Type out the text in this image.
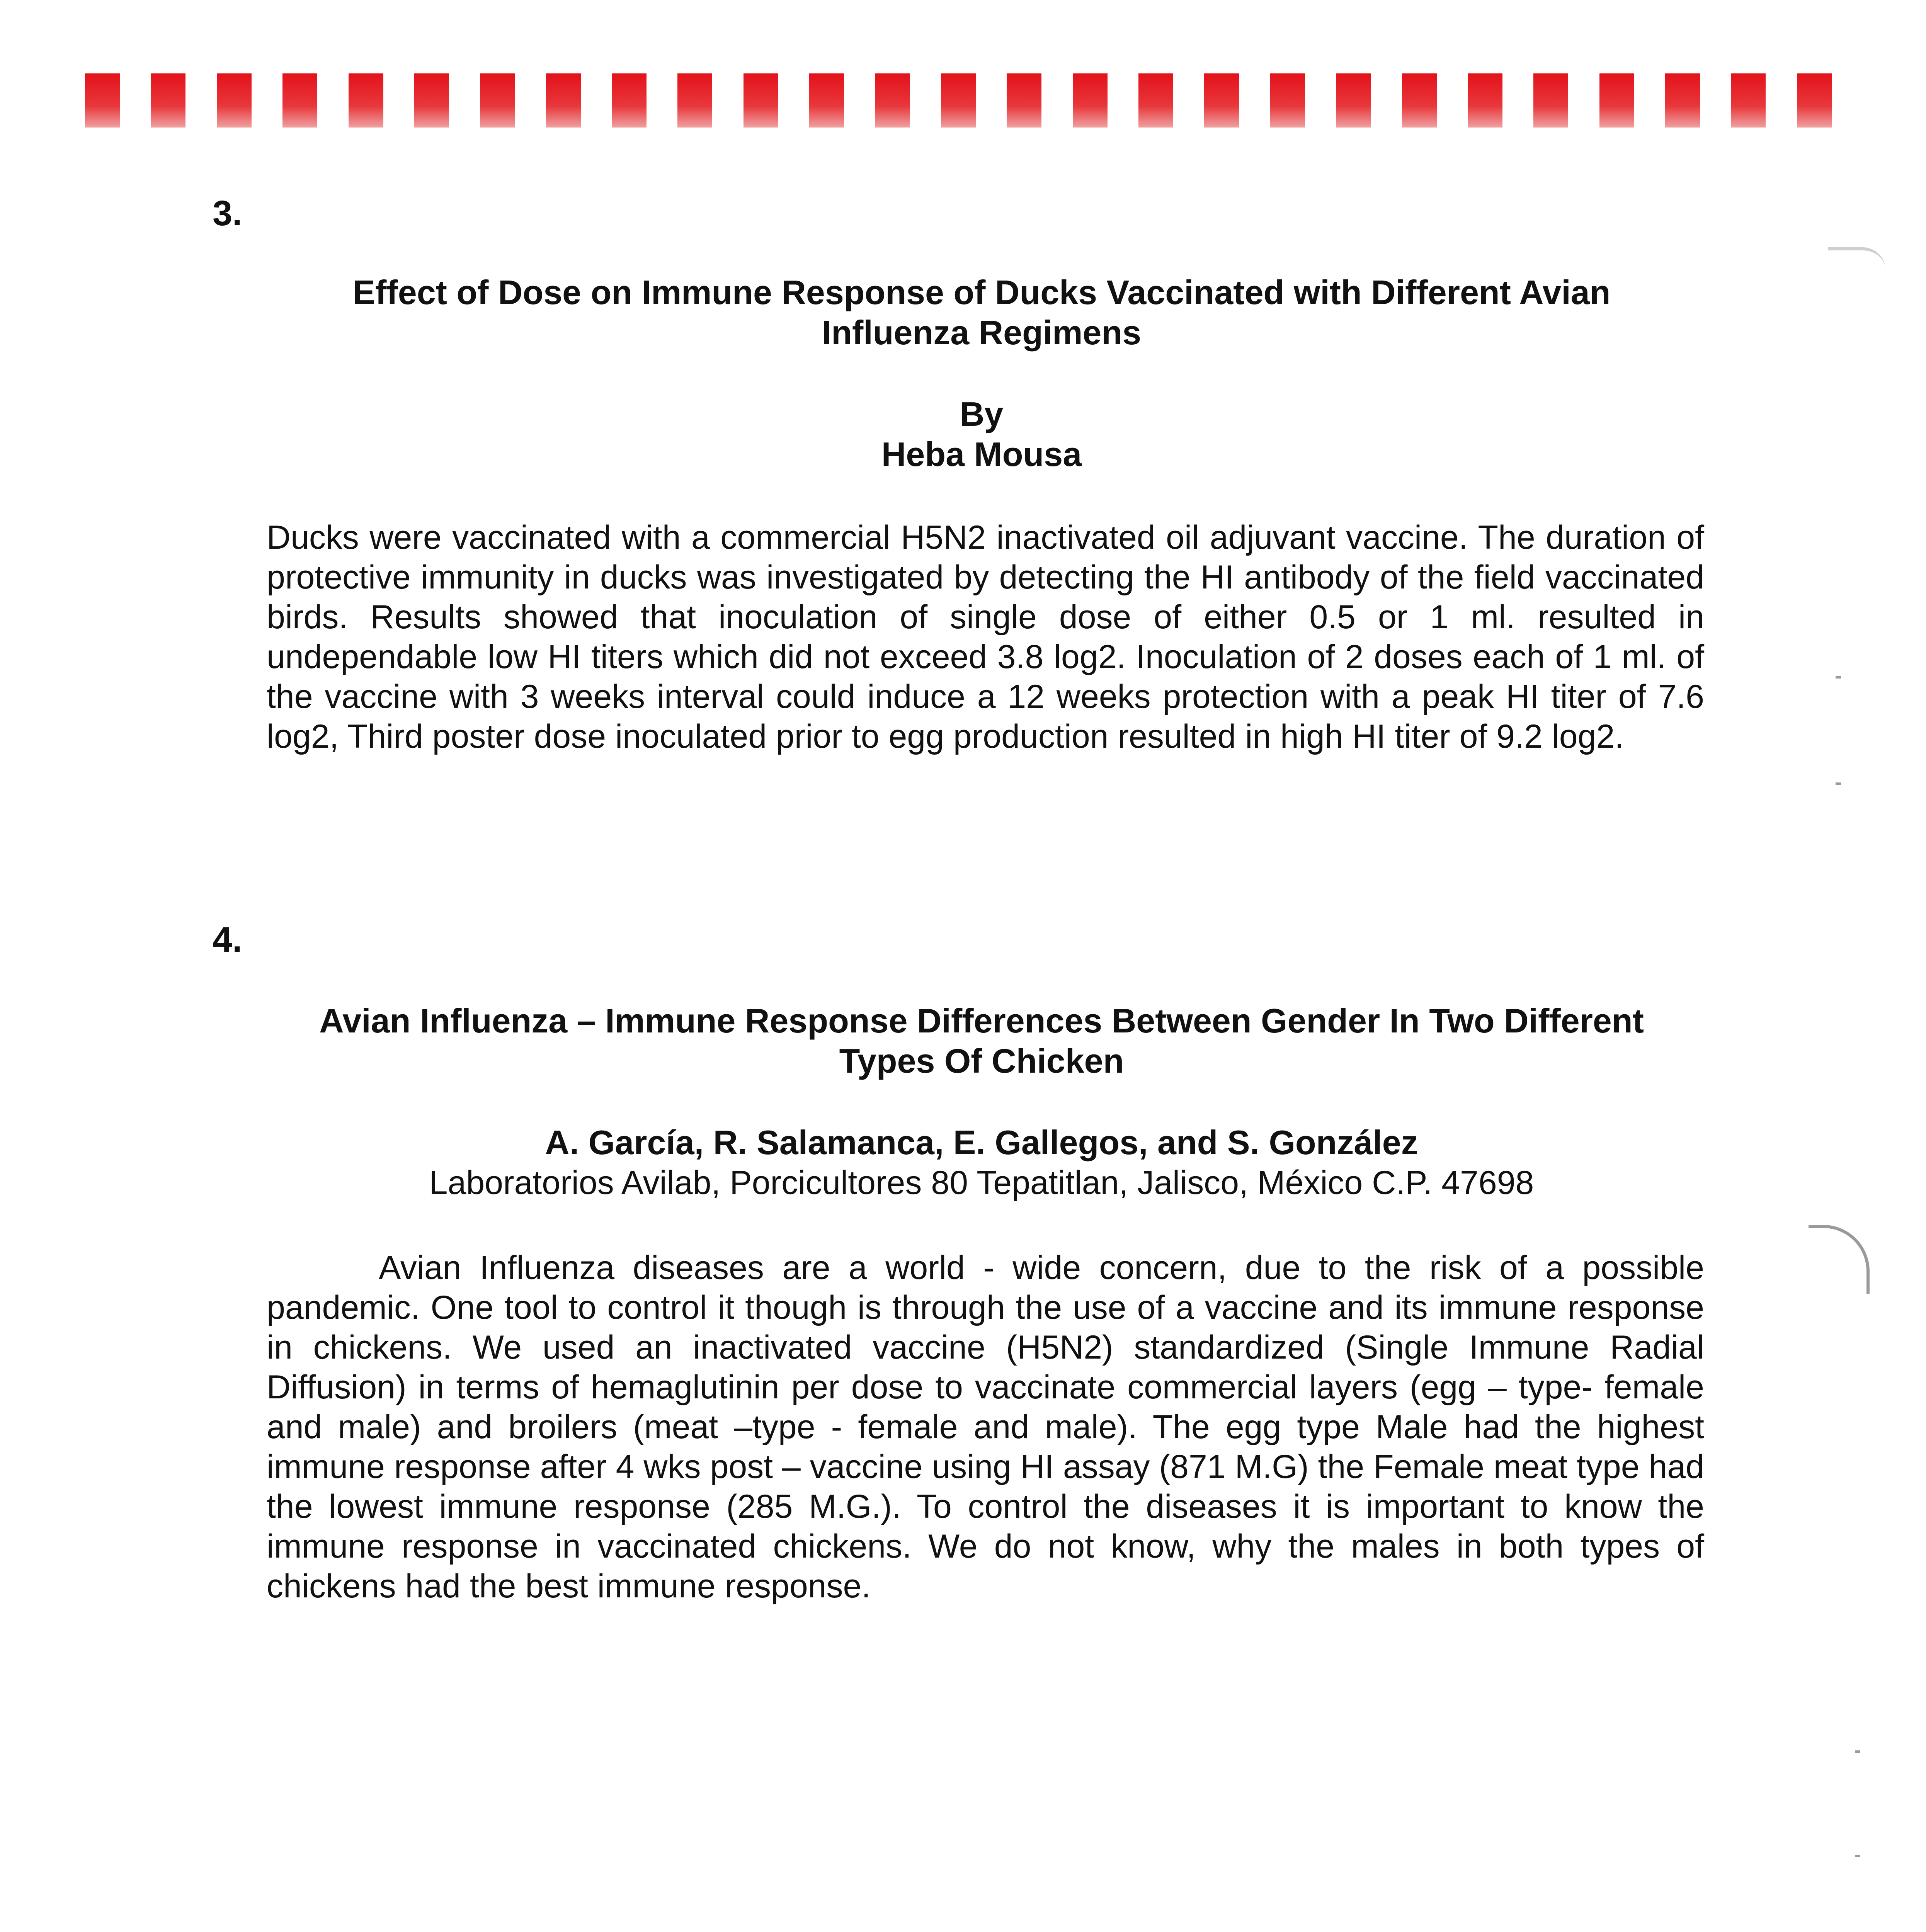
3.

Effect of Dose on Immune Response of Ducks Vaccinated with Different Avian

Influenza Regimens

By

Heba Mousa

Ducks were vaccinated with a commercial H5N2 inactivated oil adjuvant vaccine. The duration of protective immunity in ducks was investigated by detecting the HI antibody of the field vaccinated birds. Results showed that inoculation of single dose of either 0.5 or 1 ml. resulted in undependable low HI titers which did not exceed 3.8 log2. Inoculation of 2 doses each of 1 ml. of the vaccine with 3 weeks interval could induce a 12 weeks protection with a peak HI titer of 7.6 log2, Third poster dose inoculated prior to egg production resulted in high HI titer of 9.2 log2.

4.

Avian Influenza – Immune Response Differences Between Gender In Two Different

Types Of Chicken

A. García, R. Salamanca, E. Gallegos, and S. González

Laboratorios Avilab, Porcicultores 80 Tepatitlan, Jalisco, México C.P. 47698

Avian Influenza diseases are a world - wide concern, due to the risk of a possible pandemic. One tool to control it though is through the use of a vaccine and its immune response in chickens. We used an inactivated vaccine (H5N2) standardized (Single Immune Radial Diffusion) in terms of hemaglutinin per dose to vaccinate commercial layers (egg – type- female and male) and broilers (meat –type - female and male). The egg type Male had the highest immune response after 4 wks post – vaccine using HI assay (871 M.G) the Female meat type had the lowest immune response (285 M.G.). To control the diseases it is important to know the immune response in vaccinated chickens. We do not know, why the males in both types of chickens had the best immune response.
